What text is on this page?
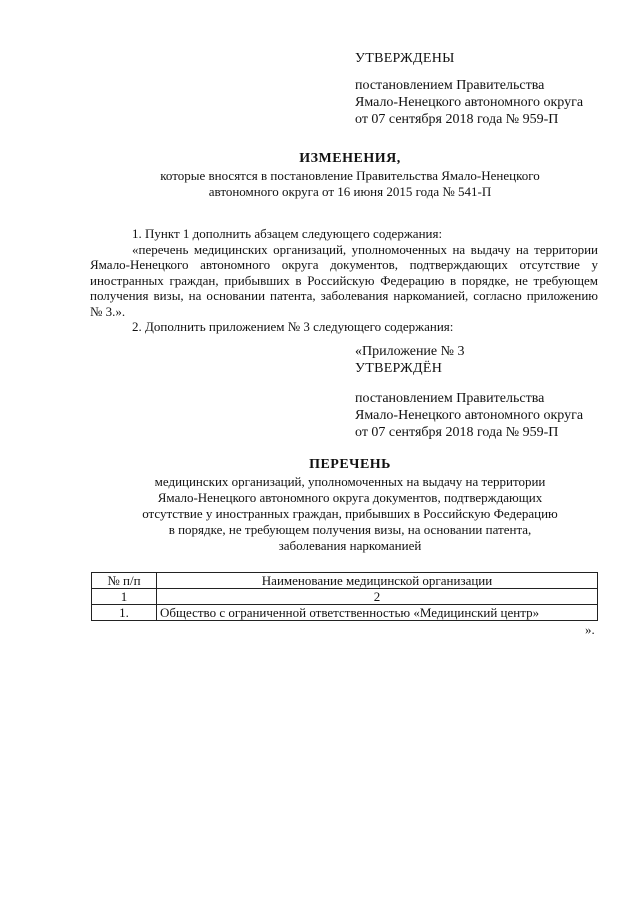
УТВЕРЖДЕНЫ
постановлением Правительства
Ямало-Ненецкого автономного округа
от 07 сентября 2018 года № 959-П
ИЗМЕНЕНИЯ,
которые вносятся в постановление Правительства Ямало-Ненецкого
автономного округа от 16 июня 2015 года № 541-П
1. Пункт 1 дополнить абзацем следующего содержания:
«перечень медицинских организаций, уполномоченных на выдачу на территории Ямало-Ненецкого автономного округа документов, подтверждающих отсутствие у иностранных граждан, прибывших в Российскую Федерацию в порядке, не требующем получения визы, на основании патента, заболевания наркоманией, согласно приложению № 3.».
2. Дополнить приложением № 3 следующего содержания:
«Приложение № 3
УТВЕРЖДЁН
постановлением Правительства
Ямало-Ненецкого автономного округа
от 07 сентября 2018 года № 959-П
ПЕРЕЧЕНЬ
медицинских организаций, уполномоченных на выдачу на территории
Ямало-Ненецкого автономного округа документов, подтверждающих
отсутствие у иностранных граждан, прибывших в Российскую Федерацию
в порядке, не требующем получения визы, на основании патента,
заболевания наркоманией
№ п/п	Наименование медицинской организации
1	2
1.	Общество с ограниченной ответственностью «Медицинский центр»
».
